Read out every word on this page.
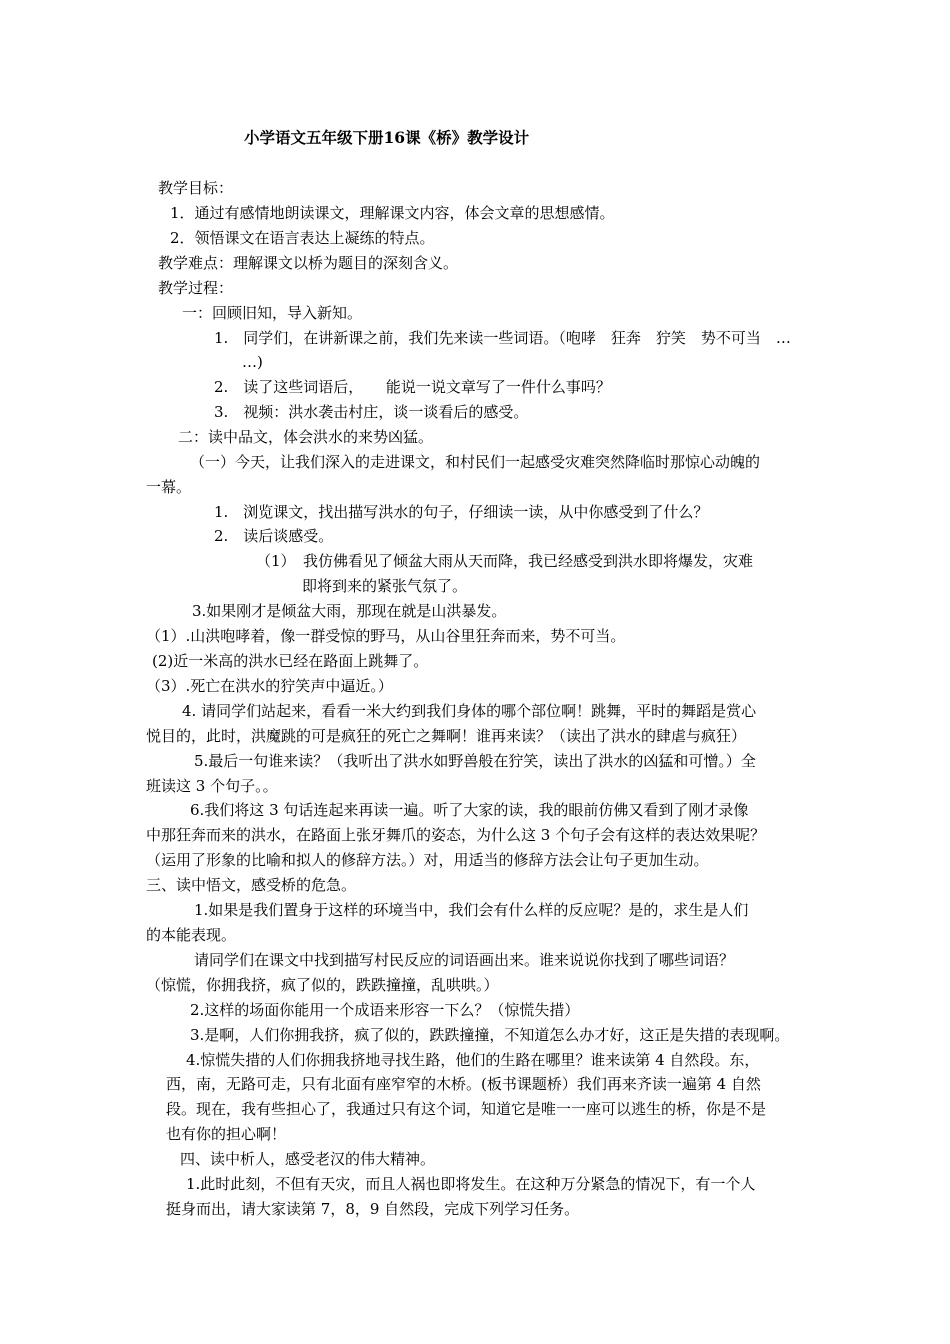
小学语文五年级下册16课《桥》教学设计
教学目标：
1．通过有感情地朗读课文，理解课文内容，体会文章的思想感情。
2．领悟课文在语言表达上凝练的特点。
教学难点：理解课文以桥为题目的深刻含义。
教学过程：
一：回顾旧知，导入新知。
1.　同学们，在讲新课之前，我们先来读一些词语。（咆哮　狂奔　狞笑　势不可当　…
…)
2.　读了这些词语后，　　能说一说文章写了一件什么事吗？
3.　视频：洪水袭击村庄，谈一谈看后的感受。
二：读中品文，体会洪水的来势凶猛。
（一）今天，让我们深入的走进课文，和村民们一起感受灾难突然降临时那惊心动魄的
一幕。
1.　浏览课文，找出描写洪水的句子，仔细读一读，从中你感受到了什么？
2.　读后谈感受。
（1）　我仿佛看见了倾盆大雨从天而降，我已经感受到洪水即将爆发，灾难
即将到来的紧张气氛了。
3.如果刚才是倾盆大雨，那现在就是山洪暴发。
（1）.山洪咆哮着，像一群受惊的野马，从山谷里狂奔而来，势不可当。
(2)近一米高的洪水已经在路面上跳舞了。
（3）.死亡在洪水的狞笑声中逼近。）
4. 请同学们站起来，看看一米大约到我们身体的哪个部位啊！跳舞，平时的舞蹈是赏心
悦目的，此时，洪魔跳的可是疯狂的死亡之舞啊！谁再来读？（读出了洪水的肆虐与疯狂）
5.最后一句谁来读？（我听出了洪水如野兽般在狞笑，读出了洪水的凶猛和可憎。）全
班读这 3 个句子。。
6.我们将这 3 句话连起来再读一遍。听了大家的读，我的眼前仿佛又看到了刚才录像
中那狂奔而来的洪水，在路面上张牙舞爪的姿态，为什么这 3 个句子会有这样的表达效果呢？
（运用了形象的比喻和拟人的修辞方法。）对，用适当的修辞方法会让句子更加生动。
三、读中悟文，感受桥的危急。
1.如果是我们置身于这样的环境当中，我们会有什么样的反应呢？是的，求生是人们
的本能表现。
请同学们在课文中找到描写村民反应的词语画出来。谁来说说你找到了哪些词语？
（惊慌，你拥我挤，疯了似的，跌跌撞撞，乱哄哄。）
2.这样的场面你能用一个成语来形容一下么？（惊慌失措）
3.是啊，人们你拥我挤，疯了似的，跌跌撞撞，不知道怎么办才好，这正是失措的表现啊。
4.惊慌失措的人们你拥我挤地寻找生路，他们的生路在哪里？谁来读第 4 自然段。东，
西，南，无路可走，只有北面有座窄窄的木桥。(板书课题桥）我们再来齐读一遍第 4 自然
段。现在，我有些担心了，我通过只有这个词，知道它是唯一一座可以逃生的桥，你是不是
也有你的担心啊！
四、读中析人，感受老汉的伟大精神。
1.此时此刻，不但有天灾，而且人祸也即将发生。在这种万分紧急的情况下，有一个人
挺身而出，请大家读第 7，8，9 自然段，完成下列学习任务。
